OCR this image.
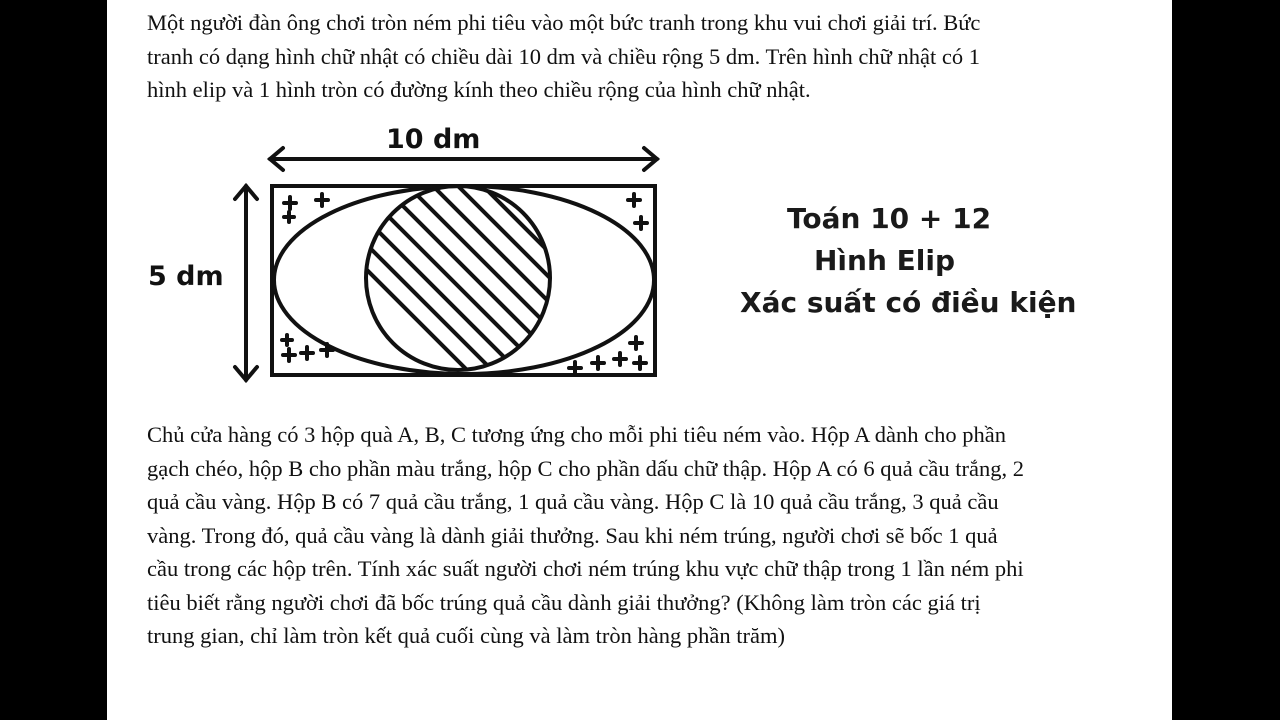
Một người đàn ông chơi tròn ném phi tiêu vào một bức tranh trong khu vui chơi giải trí. Bức
tranh có dạng hình chữ nhật có chiều dài 10 dm và chiều rộng 5 dm. Trên hình chữ nhật có 1
hình elip và 1 hình tròn có đường kính theo chiều rộng của hình chữ nhật.
10 dm
5 dm
Toán 10 + 12
Hình Elip
Xác suất có điều kiện
Chủ cửa hàng có 3 hộp quà A, B, C tương ứng cho mỗi phi tiêu ném vào. Hộp A dành cho phần
gạch chéo, hộp B cho phần màu trắng, hộp C cho phần dấu chữ thập. Hộp A có 6 quả cầu trắng, 2
quả cầu vàng. Hộp B có 7 quả cầu trắng, 1 quả cầu vàng. Hộp C là 10 quả cầu trắng, 3 quả cầu
vàng. Trong đó, quả cầu vàng là dành giải thưởng. Sau khi ném trúng, người chơi sẽ bốc 1 quả
cầu trong các hộp trên. Tính xác suất người chơi ném trúng khu vực chữ thập trong 1 lần ném phi
tiêu biết rằng người chơi đã bốc trúng quả cầu dành giải thưởng? (Không làm tròn các giá trị
trung gian, chỉ làm tròn kết quả cuối cùng và làm tròn hàng phần trăm)
